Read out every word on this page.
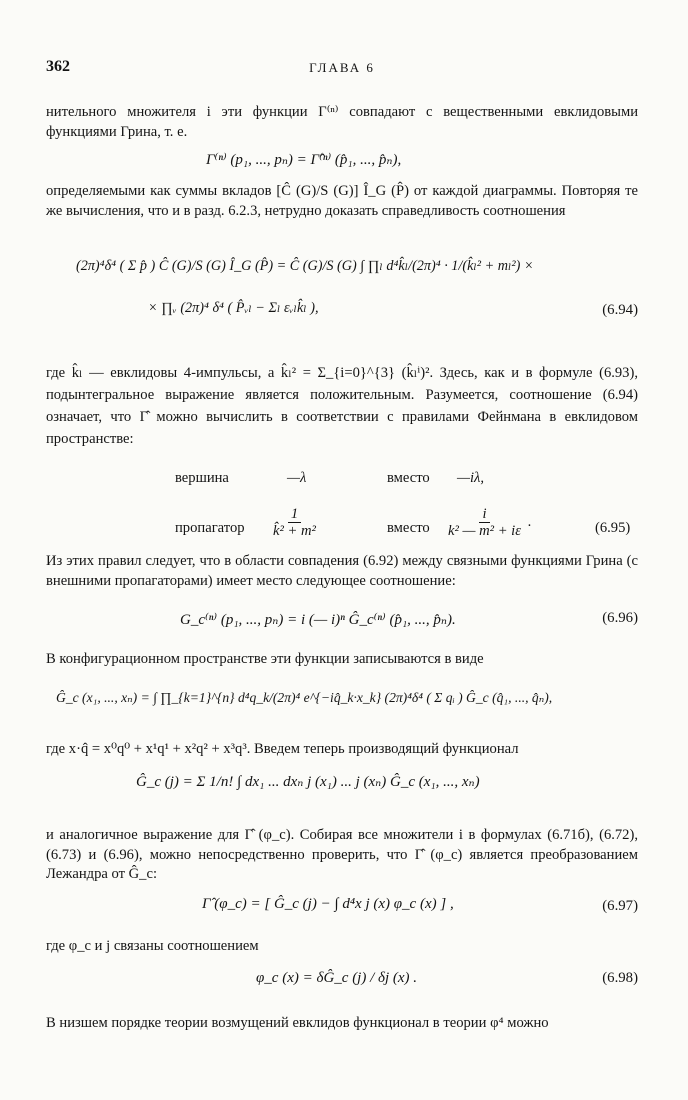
362	ГЛАВА 6
нительного множителя i эти функции Γ⁽ⁿ⁾ совпадают с вещественными евклидовыми функциями Грина, т. е.
Γ⁽ⁿ⁾ (p₁, ..., pₙ) = Γ̂⁽ⁿ⁾ (p̂₁, ..., p̂ₙ),
определяемыми как суммы вкладов [Ĉ (G)/S (G)] Î_G (P̂) от каждой диаграммы. Повторяя те же вычисления, что и в разд. 6.2.3, нетрудно доказать справедливость соотношения
(2π)⁴δ⁴ ( Σ p̂ ) Ĉ (G)/S (G) Î_G (P̂) = Ĉ (G)/S (G) ∫ ∏ₗ d⁴k̂ₗ/(2π)⁴ · 1/(k̂ₗ² + mₗ²) ×
× ∏ᵥ (2π)⁴ δ⁴ ( P̂ᵥₗ − Σₗ εᵥₗk̂ₗ ),	(6.94)
где k̂ₗ — евклидовы 4-импульсы, а k̂ₗ² = Σ_{i=0}^{3} (k̂ₗⁱ)². Здесь, как и в формуле (6.93), подынтегральное выражение является положительным. Разумеется, соотношение (6.94) означает, что Γ̂ можно вычислить в соответствии с правилами Фейнмана в евклидовом пространстве:
вершина	—λ	вместо —iλ,
пропагатор $\frac{1}{\text{k̂² + m²}}$	вместо $\frac{i}{\text{k² — m² + iε}}$ .	(6.95)
Из этих правил следует, что в области совпадения (6.92) между связными функциями Грина (с внешними пропагаторами) имеет место следующее соотношение:
G_c⁽ⁿ⁾ (p₁, ..., pₙ) = i (— i)ⁿ Ĝ_c⁽ⁿ⁾ (p̂₁, ..., p̂ₙ).	(6.96)
В конфигурационном пространстве эти функции записываются в виде
Ĝ_c (x₁, ..., xₙ) = ∫ ∏_{k=1}^{n} d⁴q_k/(2π)⁴ e^{−iq̂_k·x_k} (2π)⁴δ⁴ ( Σ qᵢ ) Ĝ_c (q̂₁, ..., q̂ₙ),
где x·q̂ = x⁰q⁰ + x¹q¹ + x²q² + x³q³. Введем теперь производящий функционал
Ĝ_c (j) = Σ 1/n! ∫ dx₁ ... dxₙ j (x₁) ... j (xₙ) Ĝ_c (x₁, ..., xₙ)
и аналогичное выражение для Γ̂ (φ_c). Собирая все множители i в формулах (6.71б), (6.72), (6.73) и (6.96), можно непосредственно проверить, что Γ̂ (φ_c) является преобразованием Лежандра от Ĝ_c:
Γ̂ (φ_c) = [ Ĝ_c (j) − ∫ d⁴x j (x) φ_c (x) ] ,	(6.97)
где φ_c и j связаны соотношением
φ_c (x) = δĜ_c (j) / δj (x) .	(6.98)
В низшем порядке теории возмущений евклидов функционал в теории φ⁴ можно
